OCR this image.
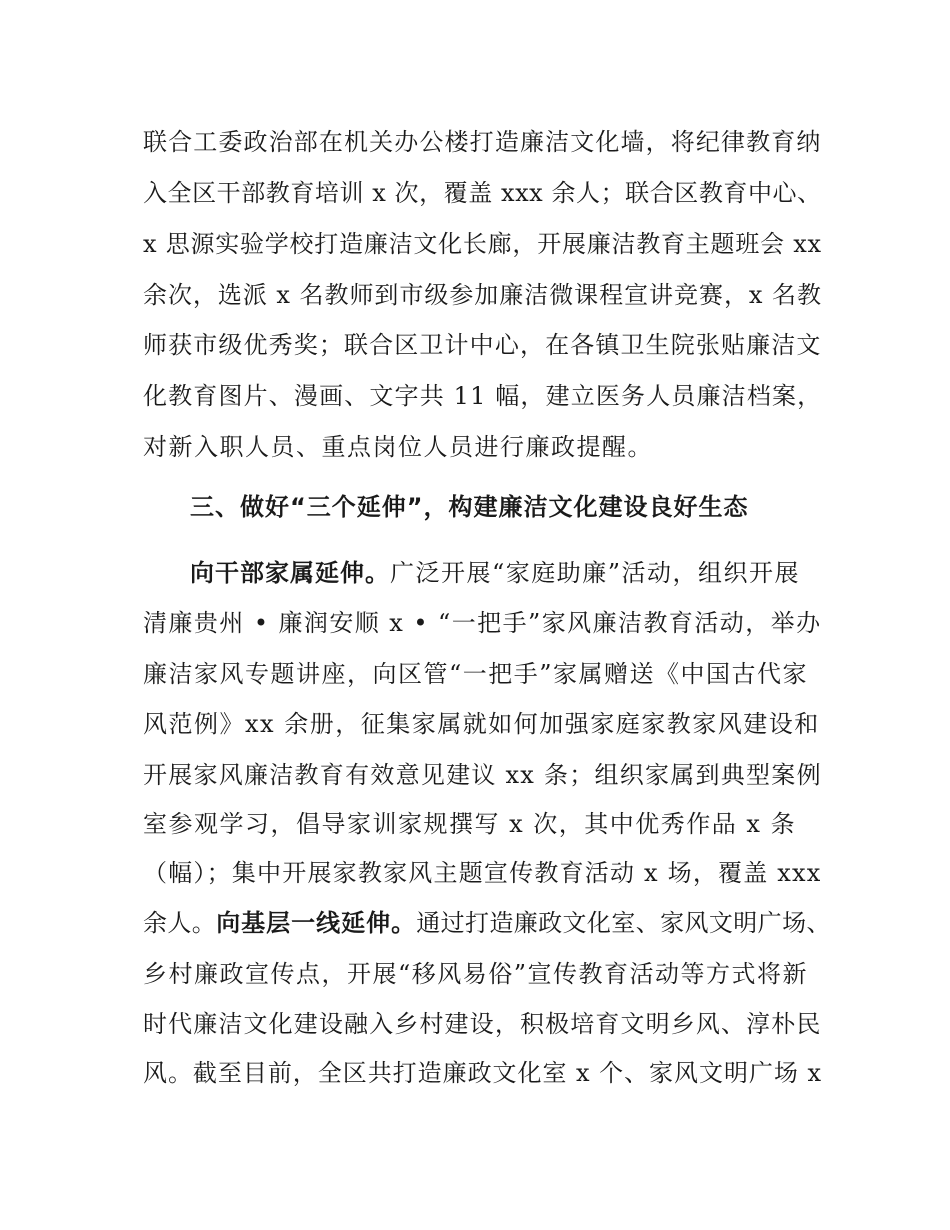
联合工委政治部在机关办公楼打造廉洁文化墙，将纪律教育纳
入全区干部教育培训 x 次，覆盖 xxx 余人；联合区教育中心、
x 思源实验学校打造廉洁文化长廊，开展廉洁教育主题班会 xx
余次，选派 x 名教师到市级参加廉洁微课程宣讲竞赛，x 名教
师获市级优秀奖；联合区卫计中心，在各镇卫生院张贴廉洁文
化教育图片、漫画、文字共 11 幅，建立医务人员廉洁档案，
对新入职人员、重点岗位人员进行廉政提醒。
三、做好“三个延伸”，构建廉洁文化建设良好生态
向干部家属延伸。广泛开展“家庭助廉”活动，组织开展
清廉贵州 • 廉润安顺 x • “一把手”家风廉洁教育活动，举办
廉洁家风专题讲座，向区管“一把手”家属赠送《中国古代家
风范例》xx 余册，征集家属就如何加强家庭家教家风建设和
开展家风廉洁教育有效意见建议 xx 条；组织家属到典型案例
室参观学习，倡导家训家规撰写 x 次，其中优秀作品 x 条
（幅）；集中开展家教家风主题宣传教育活动 x 场，覆盖 xxx
余人。向基层一线延伸。通过打造廉政文化室、家风文明广场、
乡村廉政宣传点，开展“移风易俗”宣传教育活动等方式将新
时代廉洁文化建设融入乡村建设，积极培育文明乡风、淳朴民
风。截至目前，全区共打造廉政文化室 x 个、家风文明广场 x
